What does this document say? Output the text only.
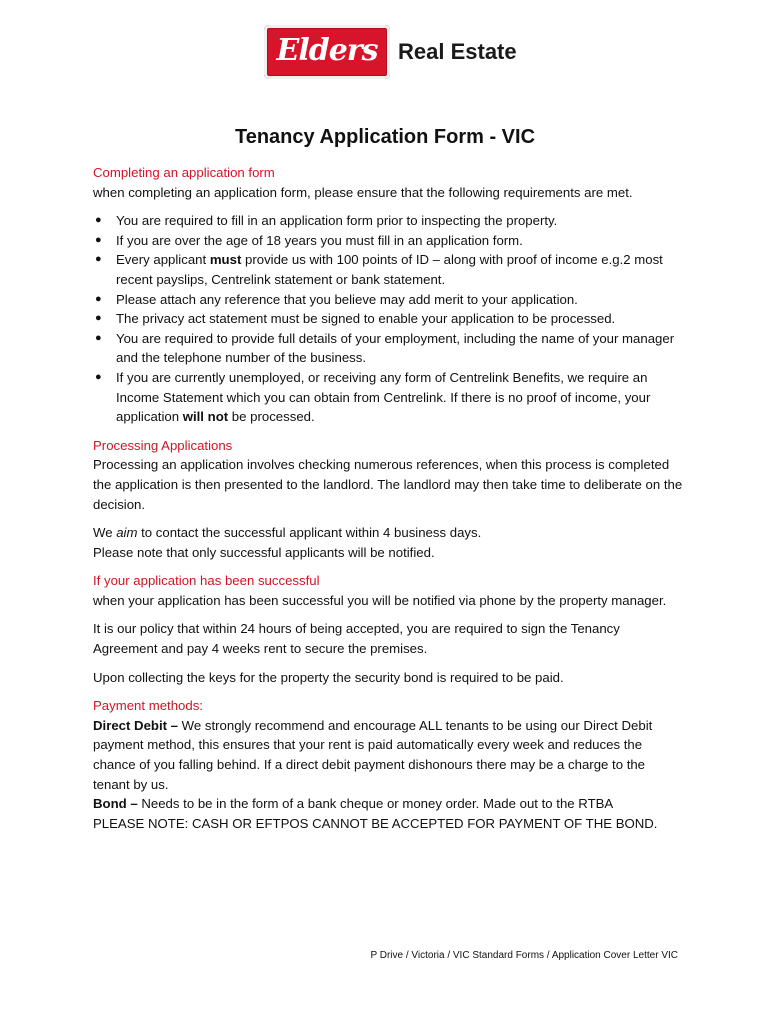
Elders Real Estate
Tenancy Application Form - VIC
Completing an application form

when completing an application form, please ensure that the following requirements are met.

● You are required to fill in an application form prior to inspecting the property.
● If you are over the age of 18 years you must fill in an application form.
● Every applicant must provide us with 100 points of ID – along with proof of income e.g.2 most recent payslips, Centrelink statement or bank statement.
● Please attach any reference that you believe may add merit to your application.
● The privacy act statement must be signed to enable your application to be processed.
● You are required to provide full details of your employment, including the name of your manager and the telephone number of the business.
● If you are currently unemployed, or receiving any form of Centrelink Benefits, we require an Income Statement which you can obtain from Centrelink. If there is no proof of income, your application will not be processed.
Processing Applications

Processing an application involves checking numerous references, when this process is completed the application is then presented to the landlord. The landlord may then take time to deliberate on the decision.

We aim to contact the successful applicant within 4 business days.

Please note that only successful applicants will be notified.

If your application has been successful

when your application has been successful you will be notified via phone by the property manager.

It is our policy that within 24 hours of being accepted, you are required to sign the Tenancy Agreement and pay 4 weeks rent to secure the premises.

Upon collecting the keys for the property the security bond is required to be paid.

Payment methods:

Direct Debit – We strongly recommend and encourage ALL tenants to be using our Direct Debit payment method, this ensures that your rent is paid automatically every week and reduces the chance of you falling behind. If a direct debit payment dishonours there may be a charge to the tenant by us.

Bond – Needs to be in the form of a bank cheque or money order. Made out to the RTBA

PLEASE NOTE: CASH OR EFTPOS CANNOT BE ACCEPTED FOR PAYMENT OF THE BOND.

P Drive / Victoria / VIC Standard Forms / Application Cover Letter VIC
